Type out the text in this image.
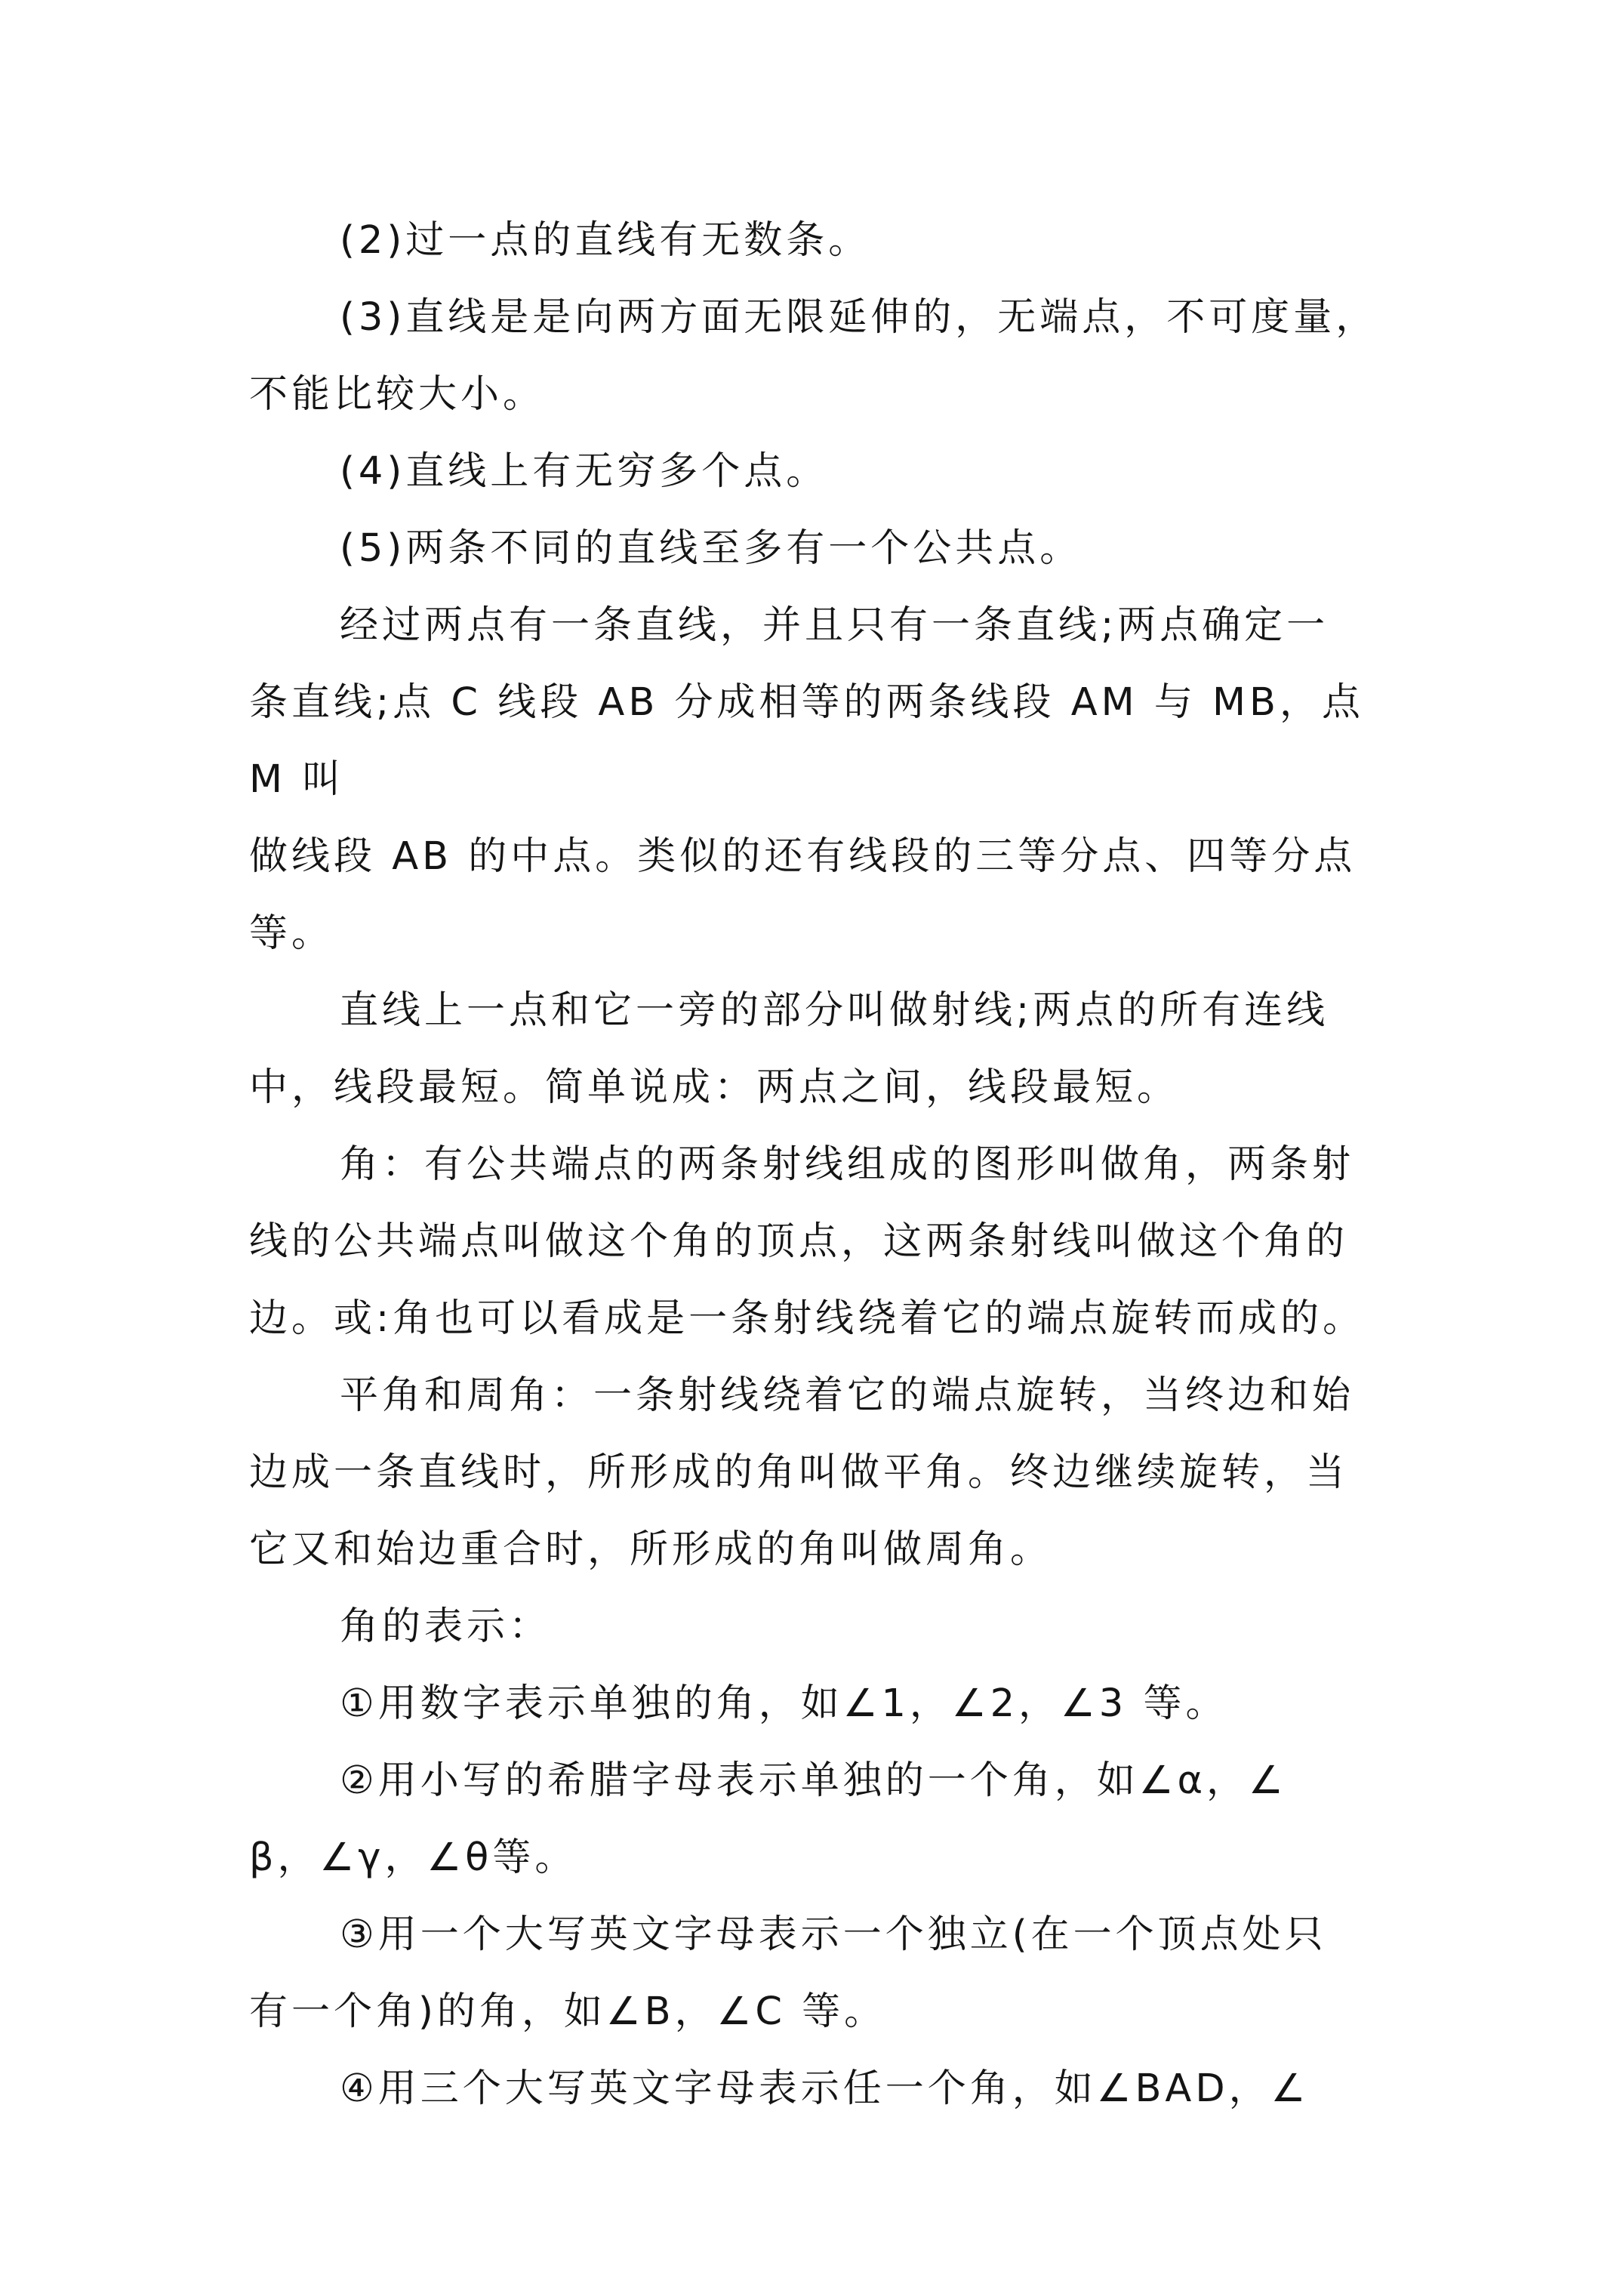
(2)过一点的直线有无数条。

(3)直线是是向两方面无限延伸的，无端点，不可度量，
不能比较大小。

(4)直线上有无穷多个点。

(5)两条不同的直线至多有一个公共点。

经过两点有一条直线，并且只有一条直线;两点确定一
条直线;点 C 线段 AB 分成相等的两条线段 AM 与 MB，点 M 叫
做线段 AB 的中点。类似的还有线段的三等分点、四等分点
等。

直线上一点和它一旁的部分叫做射线;两点的所有连线
中，线段最短。简单说成：两点之间，线段最短。

角：有公共端点的两条射线组成的图形叫做角，两条射
线的公共端点叫做这个角的顶点，这两条射线叫做这个角的
边。或:角也可以看成是一条射线绕着它的端点旋转而成的。

平角和周角：一条射线绕着它的端点旋转，当终边和始
边成一条直线时，所形成的角叫做平角。终边继续旋转，当
它又和始边重合时，所形成的角叫做周角。

角的表示：

①用数字表示单独的角，如∠1，∠2，∠3 等。

②用小写的希腊字母表示单独的一个角，如∠α，∠
β，∠γ，∠θ等。

③用一个大写英文字母表示一个独立(在一个顶点处只
有一个角)的角，如∠B，∠C 等。

④用三个大写英文字母表示任一个角，如∠BAD，∠
